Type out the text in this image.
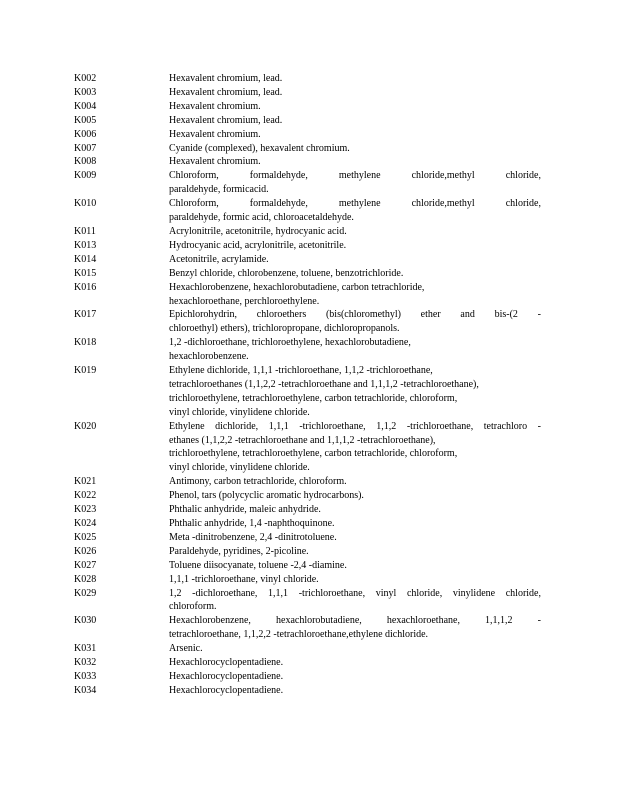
K002	Hexavalent chromium, lead.
K003	Hexavalent chromium, lead.
K004	Hexavalent chromium.
K005	Hexavalent chromium, lead.
K006	Hexavalent chromium.
K007	Cyanide (complexed), hexavalent chromium.
K008	Hexavalent chromium.
K009	Chloroform, formaldehyde, methylene chloride,methyl chloride,
paraldehyde, formicacid.
K010	Chloroform, formaldehyde, methylene chloride,methyl chloride,
paraldehyde, formic acid, chloroacetaldehyde.
K011	Acrylonitrile, acetonitrile, hydrocyanic acid.
K013	Hydrocyanic acid, acrylonitrile, acetonitrile.
K014	Acetonitrile, acrylamide.
K015	Benzyl chloride, chlorobenzene, toluene, benzotrichloride.
K016	Hexachlorobenzene, hexachlorobutadiene, carbon tetrachloride,
hexachloroethane, perchloroethylene.
K017	Epichlorohydrin, chloroethers (bis(chloromethyl) ether and bis-(2 -
chloroethyl) ethers), trichloropropane, dichloropropanols.
K018	1,2 -dichloroethane, trichloroethylene, hexachlorobutadiene,
hexachlorobenzene.
K019	Ethylene dichloride, 1,1,1 -trichloroethane, 1,1,2 -trichloroethane,
tetrachloroethanes (1,1,2,2 -tetrachloroethane and 1,1,1,2 -tetrachloroethane),
trichloroethylene, tetrachloroethylene, carbon tetrachloride, chloroform,
vinyl chloride, vinylidene chloride.
K020	Ethylene dichloride, 1,1,1 -trichloroethane, 1,1,2 -trichloroethane, tetrachloro -
ethanes (1,1,2,2 -tetrachloroethane and 1,1,1,2 -tetrachloroethane),
trichloroethylene, tetrachloroethylene, carbon tetrachloride, chloroform,
vinyl chloride, vinylidene chloride.
K021	Antimony, carbon tetrachloride, chloroform.
K022	Phenol, tars (polycyclic aromatic hydrocarbons).
K023	Phthalic anhydride, maleic anhydride.
K024	Phthalic anhydride, 1,4 -naphthoquinone.
K025	Meta -dinitrobenzene, 2,4 -dinitrotoluene.
K026	Paraldehyde, pyridines, 2-picoline.
K027	Toluene diisocyanate, toluene -2,4 -diamine.
K028	1,1,1 -trichloroethane, vinyl chloride.
K029	1,2 -dichloroethane, 1,1,1 -trichloroethane, vinyl chloride, vinylidene chloride,
chloroform.
K030	Hexachlorobenzene, hexachlorobutadiene, hexachloroethane, 1,1,1,2 -
tetrachloroethane, 1,1,2,2 -tetrachloroethane,ethylene dichloride.
K031	Arsenic.
K032	Hexachlorocyclopentadiene.
K033	Hexachlorocyclopentadiene.
K034	Hexachlorocyclopentadiene.
